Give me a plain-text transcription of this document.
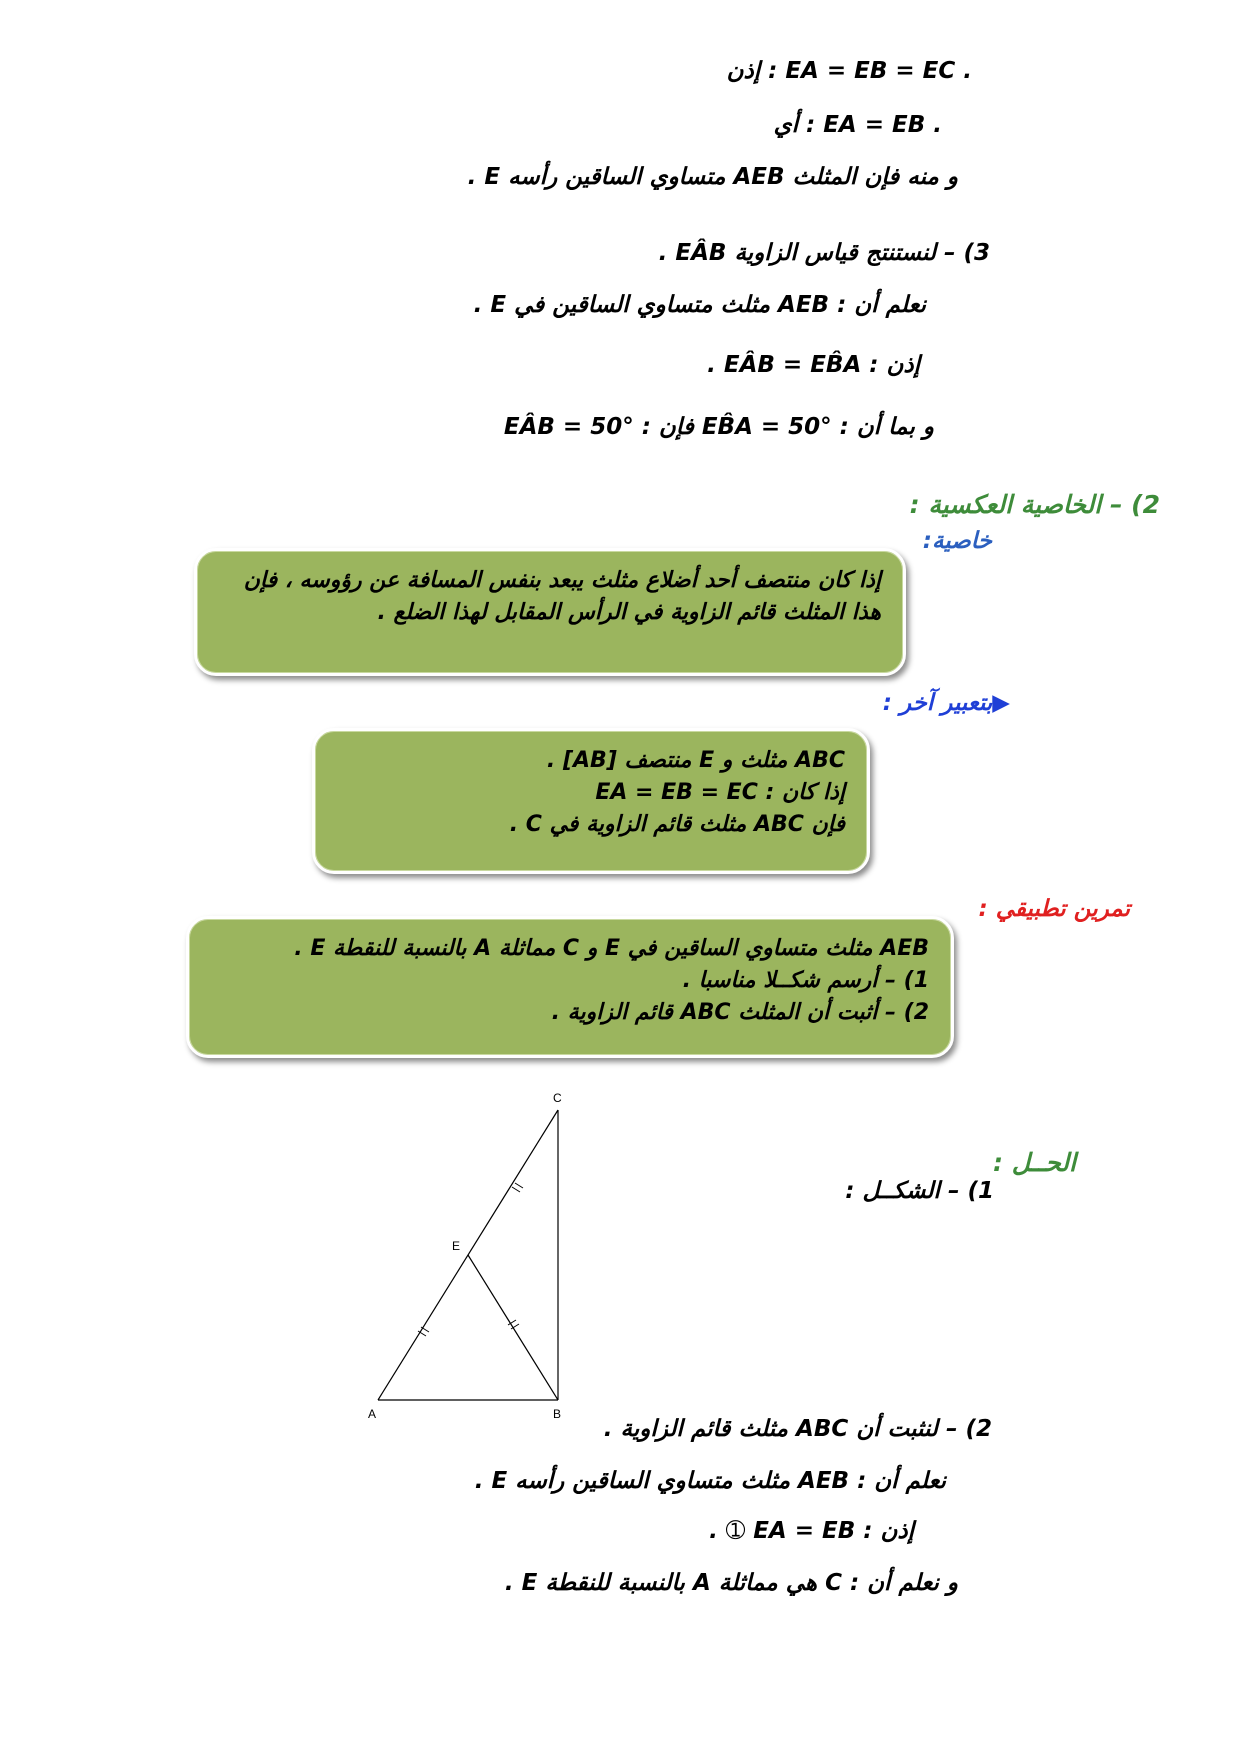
. EA = EB = EC : إذن
. EA = EB : أي
و منه فإن المثلث AEB متساوي الساقين رأسه E .
3) – لنستنتج قياس الزاوية EÂB .
نعلم أن : AEB مثلث متساوي الساقين في E .
إذن : EÂB = EB̂A .
و بما أن : EB̂A = 50° فإن : EÂB = 50°
2) – الخاصية العكسية :
خاصية:
إذا كان منتصف أحد أضلاع مثلث يبعد بنفس المسافة عن رؤوسه ، فإن
هذا المثلث قائم الزاوية في الرأس المقابل لهذا الضلع .
▶بتعبير آخر :
ABC مثلث و E منتصف [AB] .
إذا كان : EA = EB = EC
فإن ABC مثلث قائم الزاوية في C .
تمرين تطبيقي :
AEB مثلث متساوي الساقين في E و C مماثلة A بالنسبة للنقطة E .
1) – أرسم شكــلا مناسبا .
2) – أثبت أن المثلث ABC قائم الزاوية .
C
E
A	B
الحــل :
1) – الشكــل :
2) – لنثبت أن ABC مثلث قائم الزاوية .
نعلم أن : AEB مثلث متساوي الساقين رأسه E .
إذن : EA = EB ➀ .
و نعلم أن : C هي مماثلة A بالنسبة للنقطة E .
